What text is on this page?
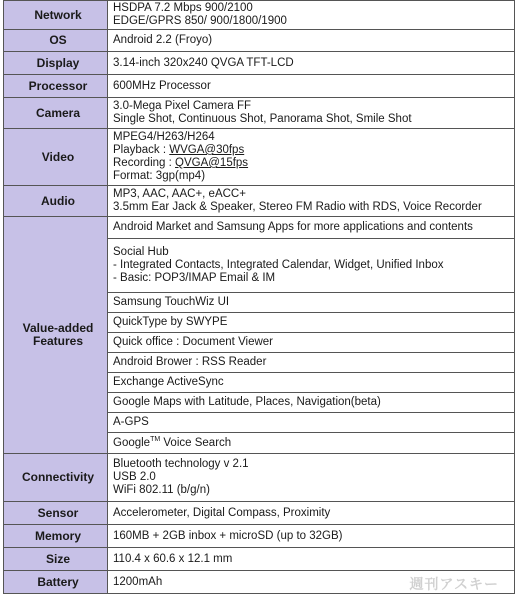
Network	HSDPA 7.2 Mbps 900/2100
EDGE/GPRS 850/ 900/1800/1900

OS	Android 2.2 (Froyo)

Display	3.14-inch 320x240 QVGA TFT-LCD

Processor	600MHz Processor

Camera	3.0-Mega Pixel Camera FF
Single Shot, Continuous Shot, Panorama Shot, Smile Shot

Video	MPEG4/H263/H264
Playback : WVGA@30fps
Recording : QVGA@15fps
Format: 3gp(mp4)

Audio	MP3, AAC, AAC+, eACC+
3.5mm Ear Jack & Speaker, Stereo FM Radio with RDS, Voice Recorder

Value-added
Features	Android Market and Samsung Apps for more applications and contents

	Social Hub
- Integrated Contacts, Integrated Calendar, Widget, Unified Inbox
- Basic: POP3/IMAP Email & IM

	Samsung TouchWiz UI

	QuickType by SWYPE

	Quick office : Document Viewer

	Android Brower : RSS Reader

	Exchange ActiveSync

	Google Maps with Latitude, Places, Navigation(beta)

	A-GPS

	Google™ Voice Search

Connectivity	Bluetooth technology v 2.1
USB 2.0
WiFi 802.11 (b/g/n)

Sensor	Accelerometer, Digital Compass, Proximity

Memory	160MB + 2GB inbox + microSD (up to 32GB)

Size	110.4 x 60.6 x 12.1 mm

Battery	1200mAh	週刊アスキー
